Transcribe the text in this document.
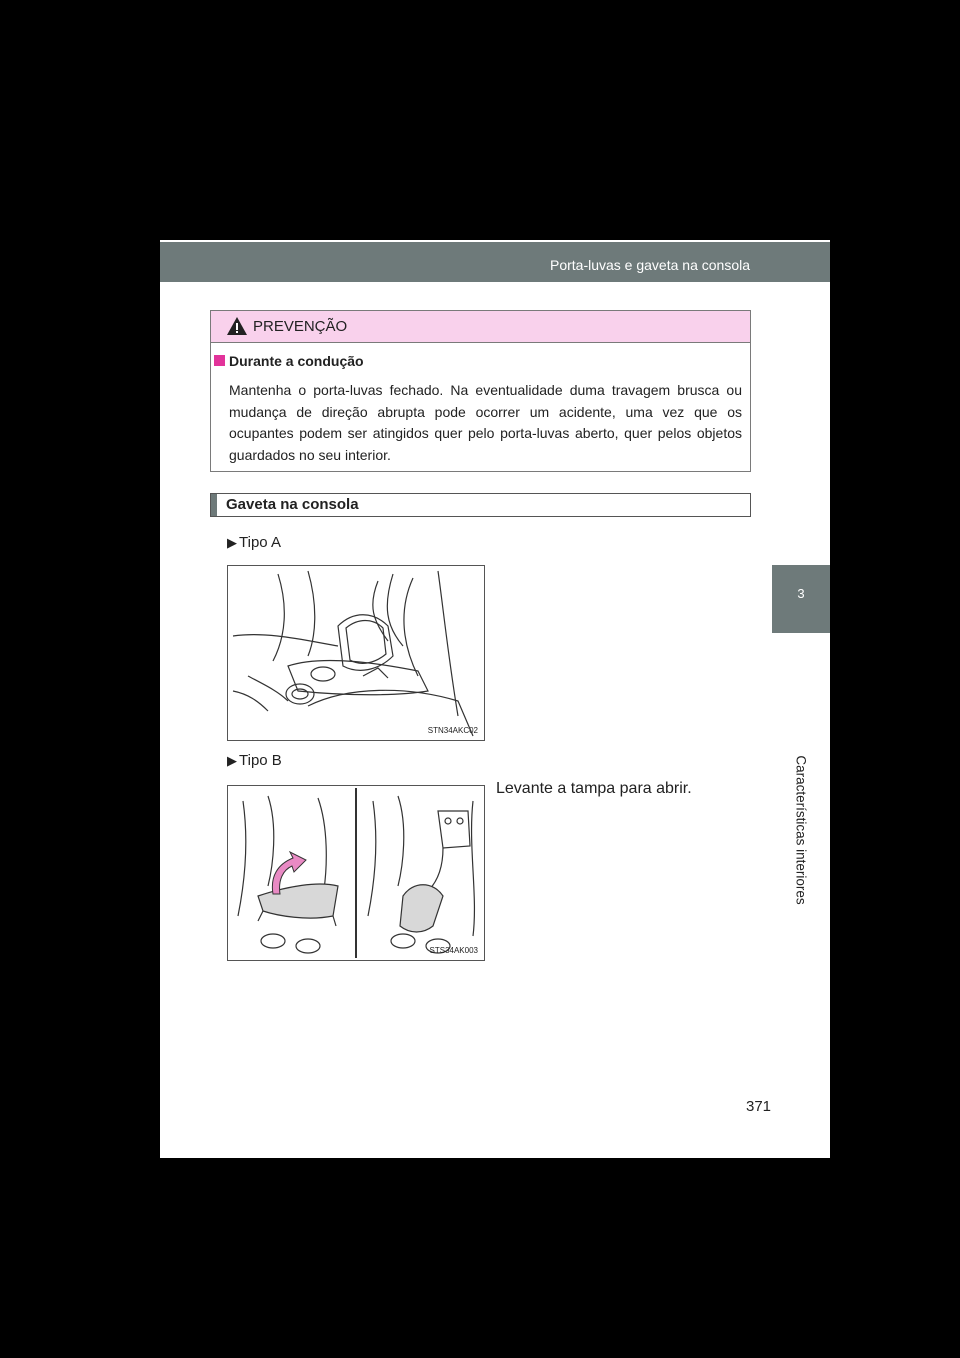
Porta-luvas e gaveta na consola
3
Características interiores
PREVENÇÃO
Durante a condução
Mantenha o porta-luvas fechado. Na eventualidade duma travagem brusca ou mudança de direção abrupta pode ocorrer um acidente, uma vez que os ocupantes podem ser atingidos quer pelo porta-luvas aberto, quer pelos objetos guardados no seu interior.
Gaveta na consola
▶ Tipo A
STN34AKC02
▶ Tipo B
STS34AK003
Levante a tampa para abrir.
371
